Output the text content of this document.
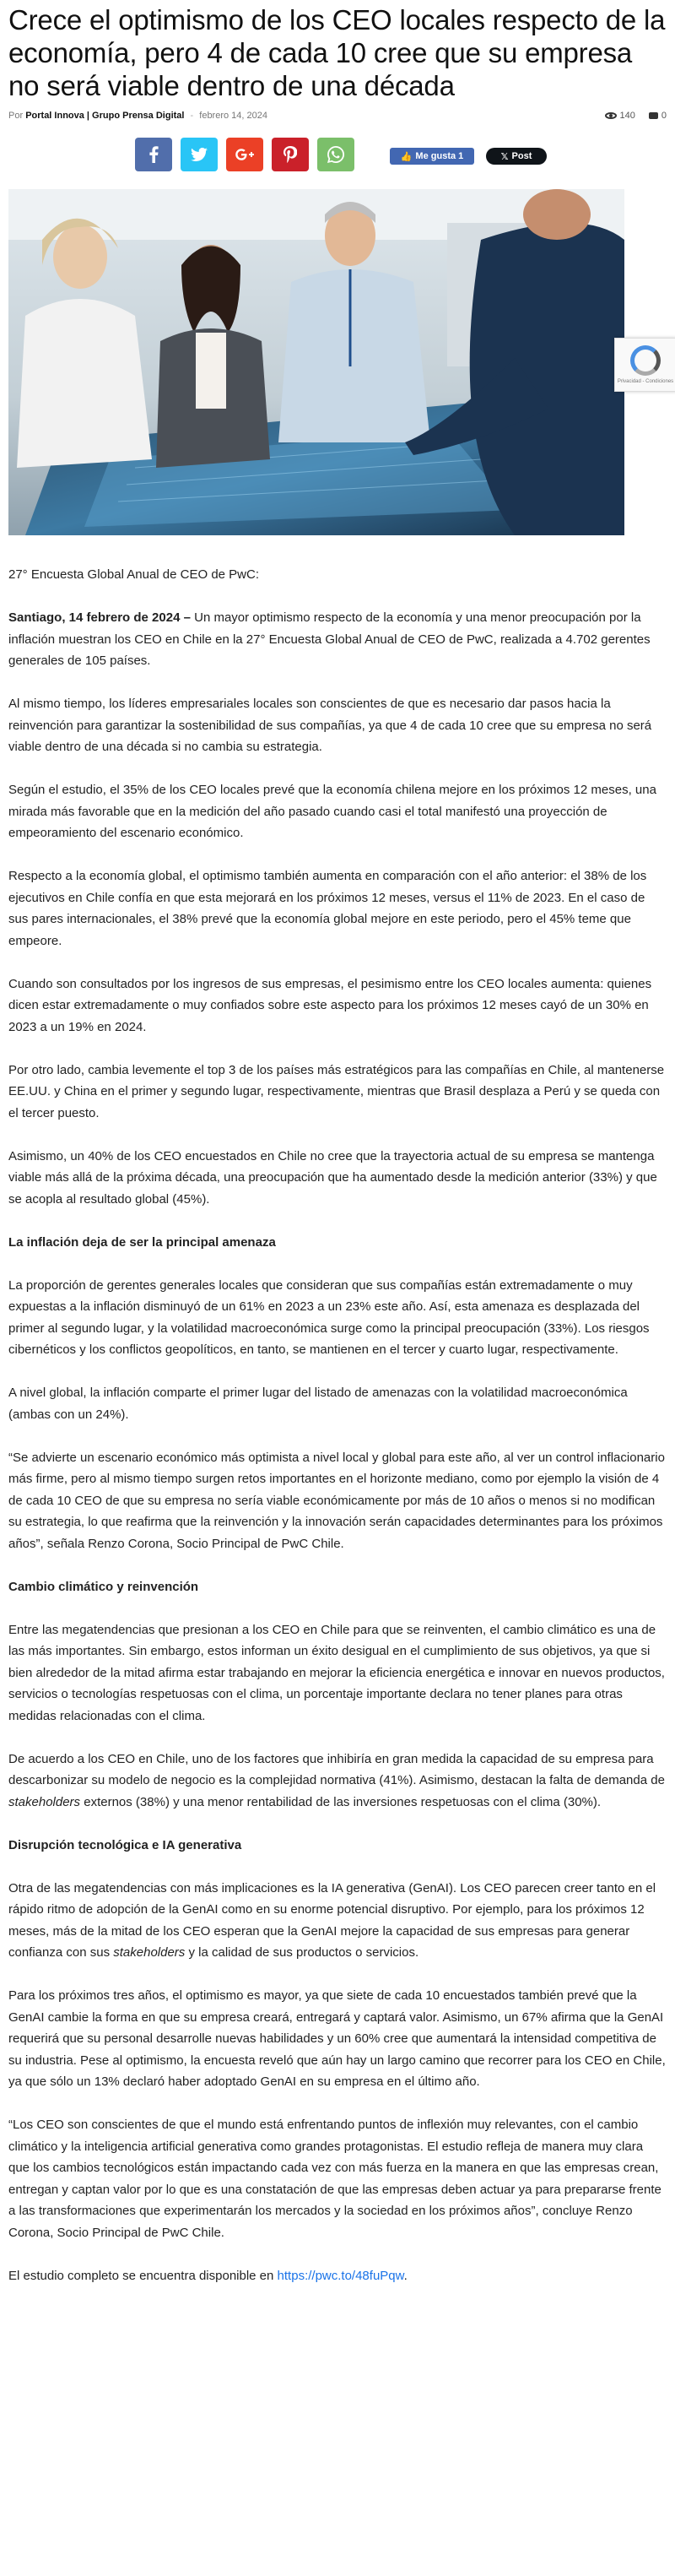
Crece el optimismo de los CEO locales respecto de la economía, pero 4 de cada 10 cree que su empresa no será viable dentro de una década
Por Portal Innova | Grupo Prensa Digital - febrero 14, 2024	140	0
👍 Me gusta 1	𝕏 Post
Privacidad - Condiciones

27° Encuesta Global Anual de CEO de PwC:

Santiago, 14 febrero de 2024 – Un mayor optimismo respecto de la economía y una menor preocupación por la inflación muestran los CEO en Chile en la 27° Encuesta Global Anual de CEO de PwC, realizada a 4.702 gerentes generales de 105 países.

Al mismo tiempo, los líderes empresariales locales son conscientes de que es necesario dar pasos hacia la reinvención para garantizar la sostenibilidad de sus compañías, ya que 4 de cada 10 cree que su empresa no será viable dentro de una década si no cambia su estrategia.

Según el estudio, el 35% de los CEO locales prevé que la economía chilena mejore en los próximos 12 meses, una mirada más favorable que en la medición del año pasado cuando casi el total manifestó una proyección de empeoramiento del escenario económico.

Respecto a la economía global, el optimismo también aumenta en comparación con el año anterior: el 38% de los ejecutivos en Chile confía en que esta mejorará en los próximos 12 meses, versus el 11% de 2023. En el caso de sus pares internacionales, el 38% prevé que la economía global mejore en este periodo, pero el 45% teme que empeore.

Cuando son consultados por los ingresos de sus empresas, el pesimismo entre los CEO locales aumenta: quienes dicen estar extremadamente o muy confiados sobre este aspecto para los próximos 12 meses cayó de un 30% en 2023 a un 19% en 2024.

Por otro lado, cambia levemente el top 3 de los países más estratégicos para las compañías en Chile, al mantenerse EE.UU. y China en el primer y segundo lugar, respectivamente, mientras que Brasil desplaza a Perú y se queda con el tercer puesto.

Asimismo, un 40% de los CEO encuestados en Chile no cree que la trayectoria actual de su empresa se mantenga viable más allá de la próxima década, una preocupación que ha aumentado desde la medición anterior (33%) y que se acopla al resultado global (45%).

La inflación deja de ser la principal amenaza

La proporción de gerentes generales locales que consideran que sus compañías están extremadamente o muy expuestas a la inflación disminuyó de un 61% en 2023 a un 23% este año. Así, esta amenaza es desplazada del primer al segundo lugar, y la volatilidad macroeconómica surge como la principal preocupación (33%). Los riesgos cibernéticos y los conflictos geopolíticos, en tanto, se mantienen en el tercer y cuarto lugar, respectivamente.

A nivel global, la inflación comparte el primer lugar del listado de amenazas con la volatilidad macroeconómica (ambas con un 24%).

“Se advierte un escenario económico más optimista a nivel local y global para este año, al ver un control inflacionario más firme, pero al mismo tiempo surgen retos importantes en el horizonte mediano, como por ejemplo la visión de 4 de cada 10 CEO de que su empresa no sería viable económicamente por más de 10 años o menos si no modifican su estrategia, lo que reafirma que la reinvención y la innovación serán capacidades determinantes para los próximos años”, señala Renzo Corona, Socio Principal de PwC Chile.

Cambio climático y reinvención

Entre las megatendencias que presionan a los CEO en Chile para que se reinventen, el cambio climático es una de las más importantes. Sin embargo, estos informan un éxito desigual en el cumplimiento de sus objetivos, ya que si bien alrededor de la mitad afirma estar trabajando en mejorar la eficiencia energética e innovar en nuevos productos, servicios o tecnologías respetuosas con el clima, un porcentaje importante declara no tener planes para otras medidas relacionadas con el clima.

De acuerdo a los CEO en Chile, uno de los factores que inhibiría en gran medida la capacidad de su empresa para descarbonizar su modelo de negocio es la complejidad normativa (41%). Asimismo, destacan la falta de demanda de stakeholders externos (38%) y una menor rentabilidad de las inversiones respetuosas con el clima (30%).

Disrupción tecnológica e IA generativa

Otra de las megatendencias con más implicaciones es la IA generativa (GenAI). Los CEO parecen creer tanto en el rápido ritmo de adopción de la GenAI como en su enorme potencial disruptivo. Por ejemplo, para los próximos 12 meses, más de la mitad de los CEO esperan que la GenAI mejore la capacidad de sus empresas para generar confianza con sus stakeholders y la calidad de sus productos o servicios.

Para los próximos tres años, el optimismo es mayor, ya que siete de cada 10 encuestados también prevé que la GenAI cambie la forma en que su empresa creará, entregará y captará valor. Asimismo, un 67% afirma que la GenAI requerirá que su personal desarrolle nuevas habilidades y un 60% cree que aumentará la intensidad competitiva de su industria. Pese al optimismo, la encuesta reveló que aún hay un largo camino que recorrer para los CEO en Chile, ya que sólo un 13% declaró haber adoptado GenAI en su empresa en el último año.

“Los CEO son conscientes de que el mundo está enfrentando puntos de inflexión muy relevantes, con el cambio climático y la inteligencia artificial generativa como grandes protagonistas. El estudio refleja de manera muy clara que los cambios tecnológicos están impactando cada vez con más fuerza en la manera en que las empresas crean, entregan y captan valor por lo que es una constatación de que las empresas deben actuar ya para prepararse frente a las transformaciones que experimentarán los mercados y la sociedad en los próximos años”, concluye Renzo Corona, Socio Principal de PwC Chile.

El estudio completo se encuentra disponible en https://pwc.to/48fuPqw.
